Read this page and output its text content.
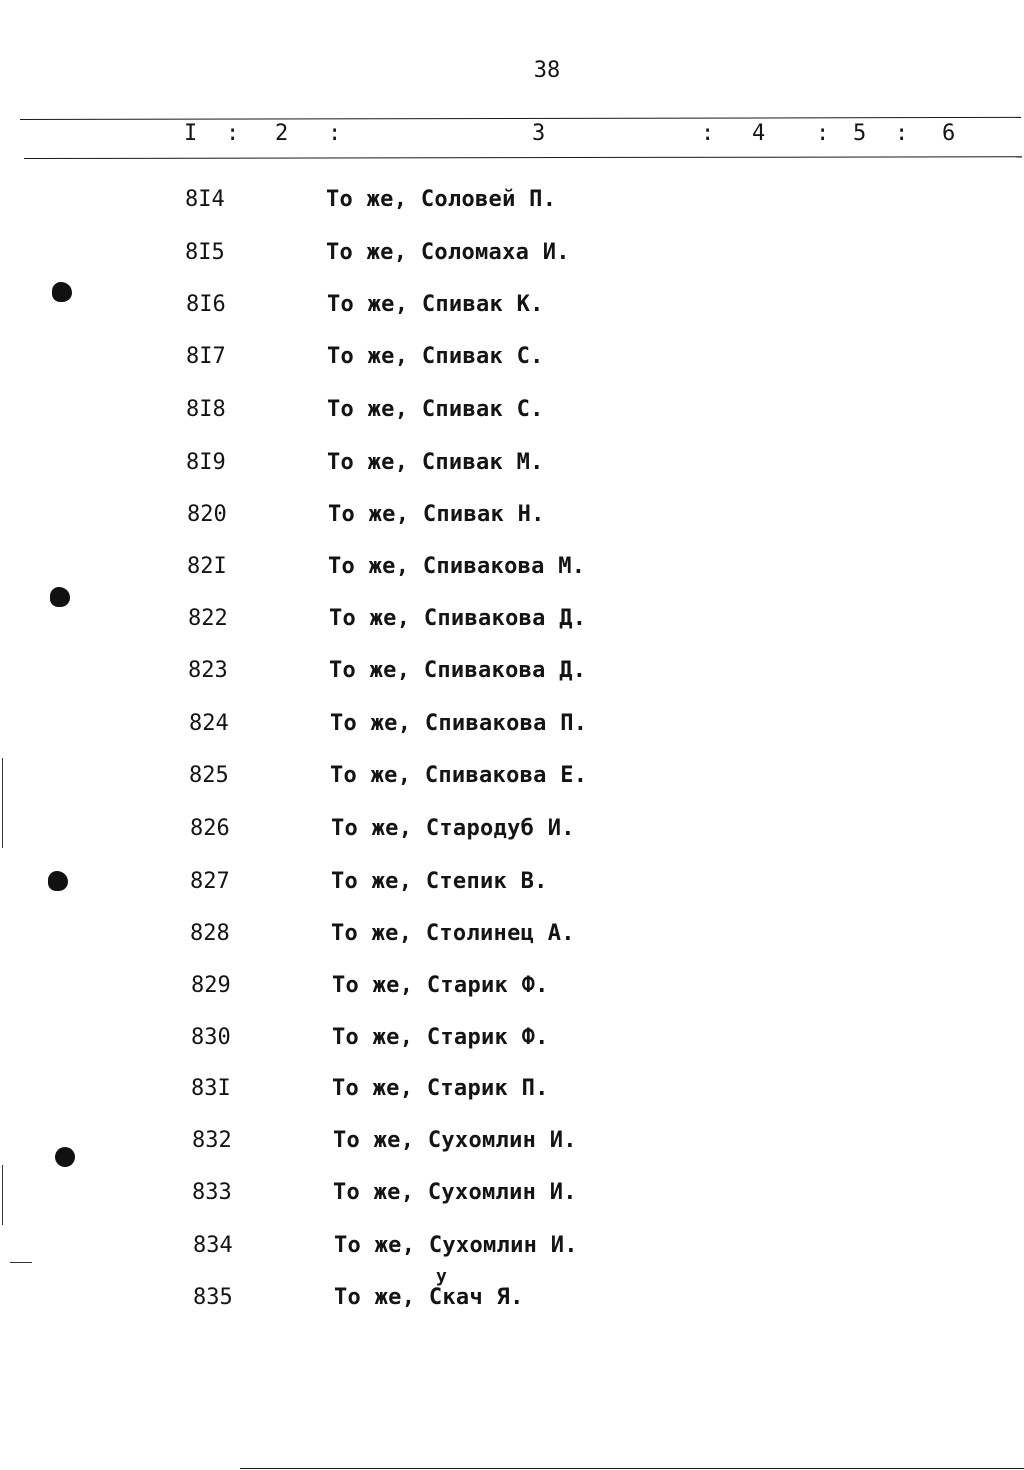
38
I : 2 :	3	: 4 : 5 : 6
8I4	То же, Соловей П.
8I5	То же, Соломаха И.
8I6	То же, Спивак К.
8I7	То же, Спивак С.
8I8	То же, Спивак С.
8I9	То же, Спивак М.
820	То же, Спивак Н.
82I	То же, Спивакова М.
822	То же, Спивакова Д.
823	То же, Спивакова Д.
824	То же, Спивакова П.
825	То же, Спивакова Е.
826	То же, Стародуб И.
827	То же, Степик В.
828	То же, Столинец А.
829	То же, Старик Ф.
830	То же, Старик Ф.
83I	То же, Старик П.
832	То же, Сухомлин И.
833	То же, Сухомлин И.
834	То же, Сухомлин И.
835	То же, Скач Я.
у
